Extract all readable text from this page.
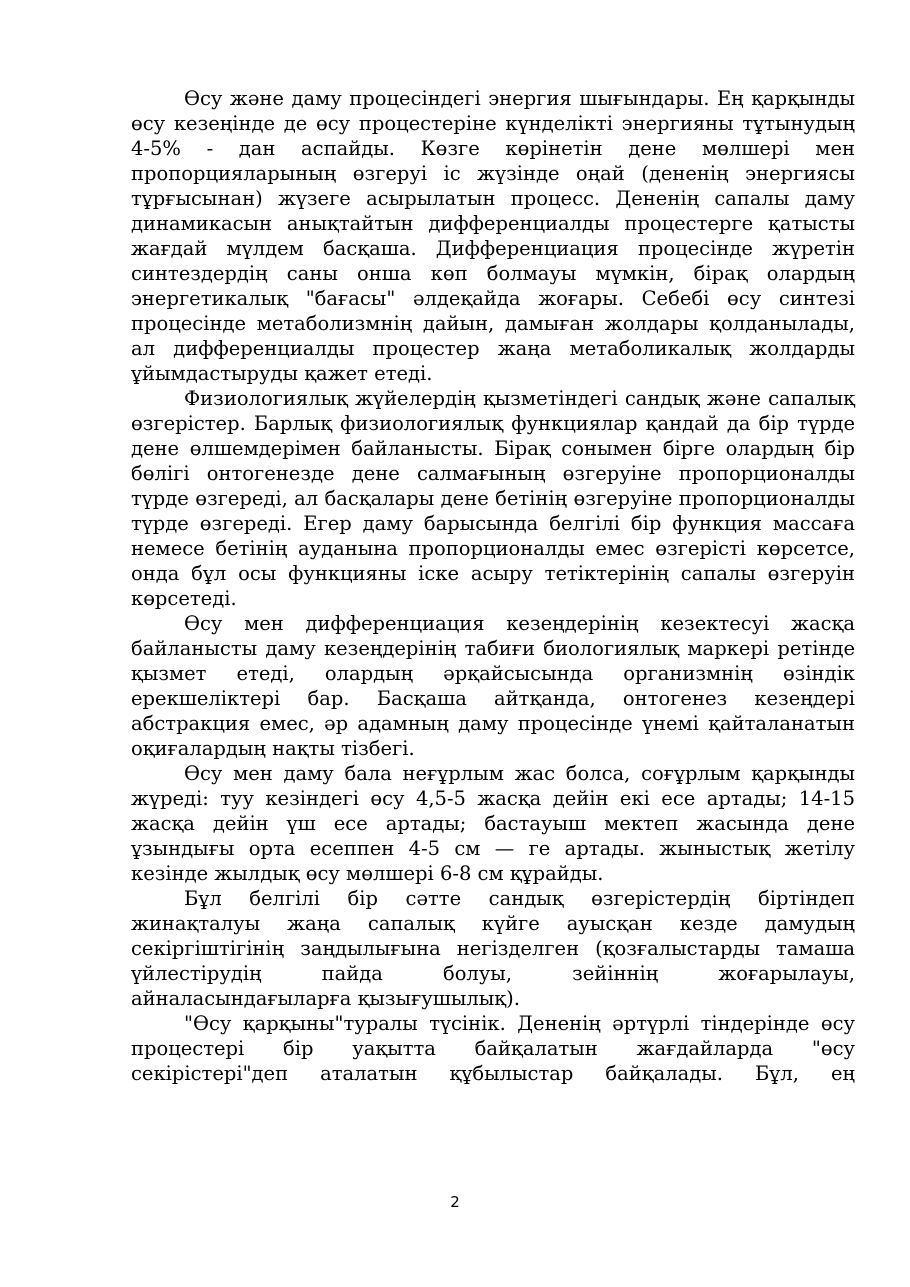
Өсу және даму процесіндегі энергия шығындары. Ең қарқынды өсу кезеңінде де өсу процестеріне күнделікті энергияны тұтынудың 4-5% - дан аспайды. Көзге көрінетін дене мөлшері мен пропорцияларының өзгеруі іс жүзінде оңай (дененің энергиясы тұрғысынан) жүзеге асырылатын процесс. Дененің сапалы даму динамикасын анықтайтын дифференциалды процестерге қатысты жағдай мүлдем басқаша. Дифференциация процесінде жүретін синтездердің саны онша көп болмауы мүмкін, бірақ олардың энергетикалық "бағасы" әлдеқайда жоғары. Себебі өсу синтезі процесінде метаболизмнің дайын, дамыған жолдары қолданылады, ал дифференциалды процестер жаңа метаболикалық жолдарды ұйымдастыруды қажет етеді.

Физиологиялық жүйелердің қызметіндегі сандық және сапалық өзгерістер. Барлық физиологиялық функциялар қандай да бір түрде дене өлшемдерімен байланысты. Бірақ сонымен бірге олардың бір бөлігі онтогенезде дене салмағының өзгеруіне пропорционалды түрде өзгереді, ал басқалары дене бетінің өзгеруіне пропорционалды түрде өзгереді. Егер даму барысында белгілі бір функция массаға немесе бетінің ауданына пропорционалды емес өзгерісті көрсетсе, онда бұл осы функцияны іске асыру тетіктерінің сапалы өзгеруін көрсетеді.

Өсу мен дифференциация кезеңдерінің кезектесуі жасқа байланысты даму кезеңдерінің табиғи биологиялық маркері ретінде қызмет етеді, олардың әрқайсысында организмнің өзіндік ерекшеліктері бар. Басқаша айтқанда, онтогенез кезеңдері абстракция емес, әр адамның даму процесінде үнемі қайталанатын оқиғалардың нақты тізбегі.

Өсу мен даму бала неғұрлым жас болса, соғұрлым қарқынды жүреді: туу кезіндегі өсу 4,5-5 жасқа дейін екі есе артады; 14-15 жасқа дейін үш есе артады; бастауыш мектеп жасында дене ұзындығы орта есеппен 4-5 см — ге артады. жыныстық жетілу кезінде жылдық өсу мөлшері 6-8 см құрайды.

Бұл белгілі бір сәтте сандық өзгерістердің біртіндеп жинақталуы жаңа сапалық күйге ауысқан кезде дамудың секіргіштігінің заңдылығына негізделген (қозғалыстарды тамаша үйлестірудің пайда болуы, зейіннің жоғарылауы, айналасындағыларға қызығушылық).

"Өсу қарқыны"туралы түсінік. Дененің әртүрлі тіндерінде өсу процестері бір уақытта байқалатын жағдайларда "өсу секірістері"деп аталатын құбылыстар байқалады. Бұл, ең

2
